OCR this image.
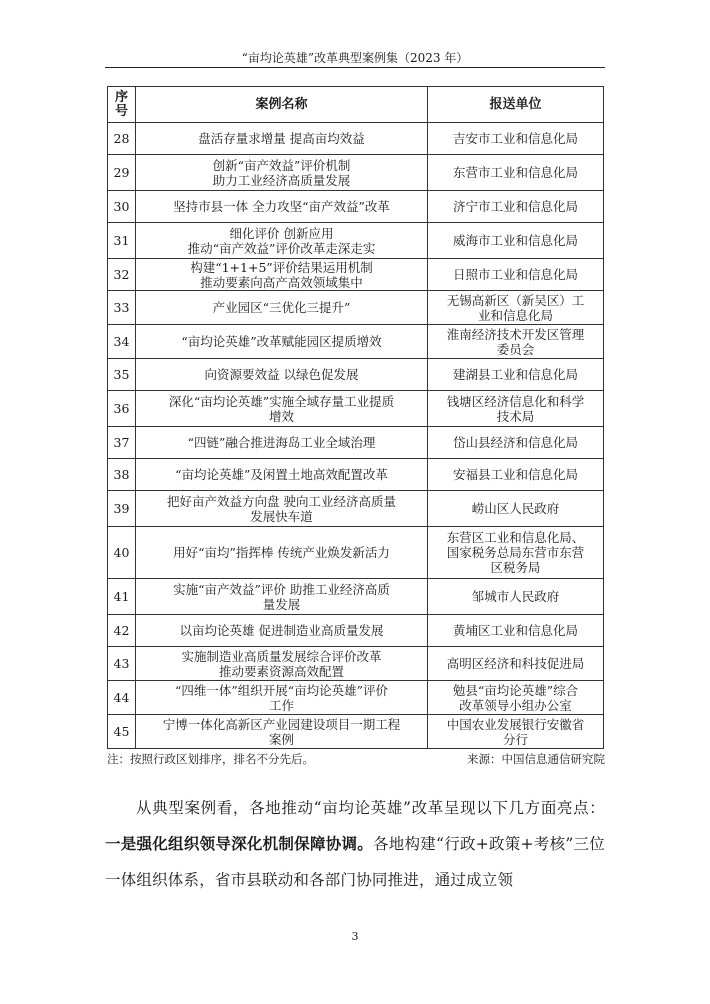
“亩均论英雄”改革典型案例集（2023 年）
序号	案例名称	报送单位
28	盘活存量求增量 提高亩均效益	吉安市工业和信息化局
29	创新“亩产效益”评价机制
助力工业经济高质量发展	东营市工业和信息化局
30	坚持市县一体 全力攻坚“亩产效益”改革	济宁市工业和信息化局
31	细化评价 创新应用
推动“亩产效益”评价改革走深走实	威海市工业和信息化局
32	构建“1+1+5”评价结果运用机制
推动要素向高产高效领域集中	日照市工业和信息化局
33	产业园区“三优化三提升”	无锡高新区（新吴区）工
业和信息化局
34	“亩均论英雄”改革赋能园区提质增效	淮南经济技术开发区管理
委员会
35	向资源要效益 以绿色促发展	建湖县工业和信息化局
36	深化“亩均论英雄”实施全域存量工业提质
增效	钱塘区经济信息化和科学
技术局
37	“四链”融合推进海岛工业全域治理	岱山县经济和信息化局
38	“亩均论英雄”及闲置土地高效配置改革	安福县工业和信息化局
39	把好亩产效益方向盘 驶向工业经济高质量
发展快车道	崂山区人民政府
40	用好“亩均”指挥棒 传统产业焕发新活力	东营区工业和信息化局、
国家税务总局东营市东营
区税务局
41	实施“亩产效益”评价 助推工业经济高质
量发展	邹城市人民政府
42	以亩均论英雄 促进制造业高质量发展	黄埔区工业和信息化局
43	实施制造业高质量发展综合评价改革
推动要素资源高效配置	高明区经济和科技促进局
44	“四维一体”组织开展“亩均论英雄”评价
工作	勉县“亩均论英雄”综合
改革领导小组办公室
45	宁博一体化高新区产业园建设项目一期工程
案例	中国农业发展银行安徽省
分行
注：按照行政区划排序，排名不分先后。	来源：中国信息通信研究院
从典型案例看，各地推动“亩均论英雄”改革呈现以下几方面亮点：一是强化组织领导深化机制保障协调。各地构建“行政+政策+考核”三位一体组织体系，省市县联动和各部门协同推进，通过成立领
3
